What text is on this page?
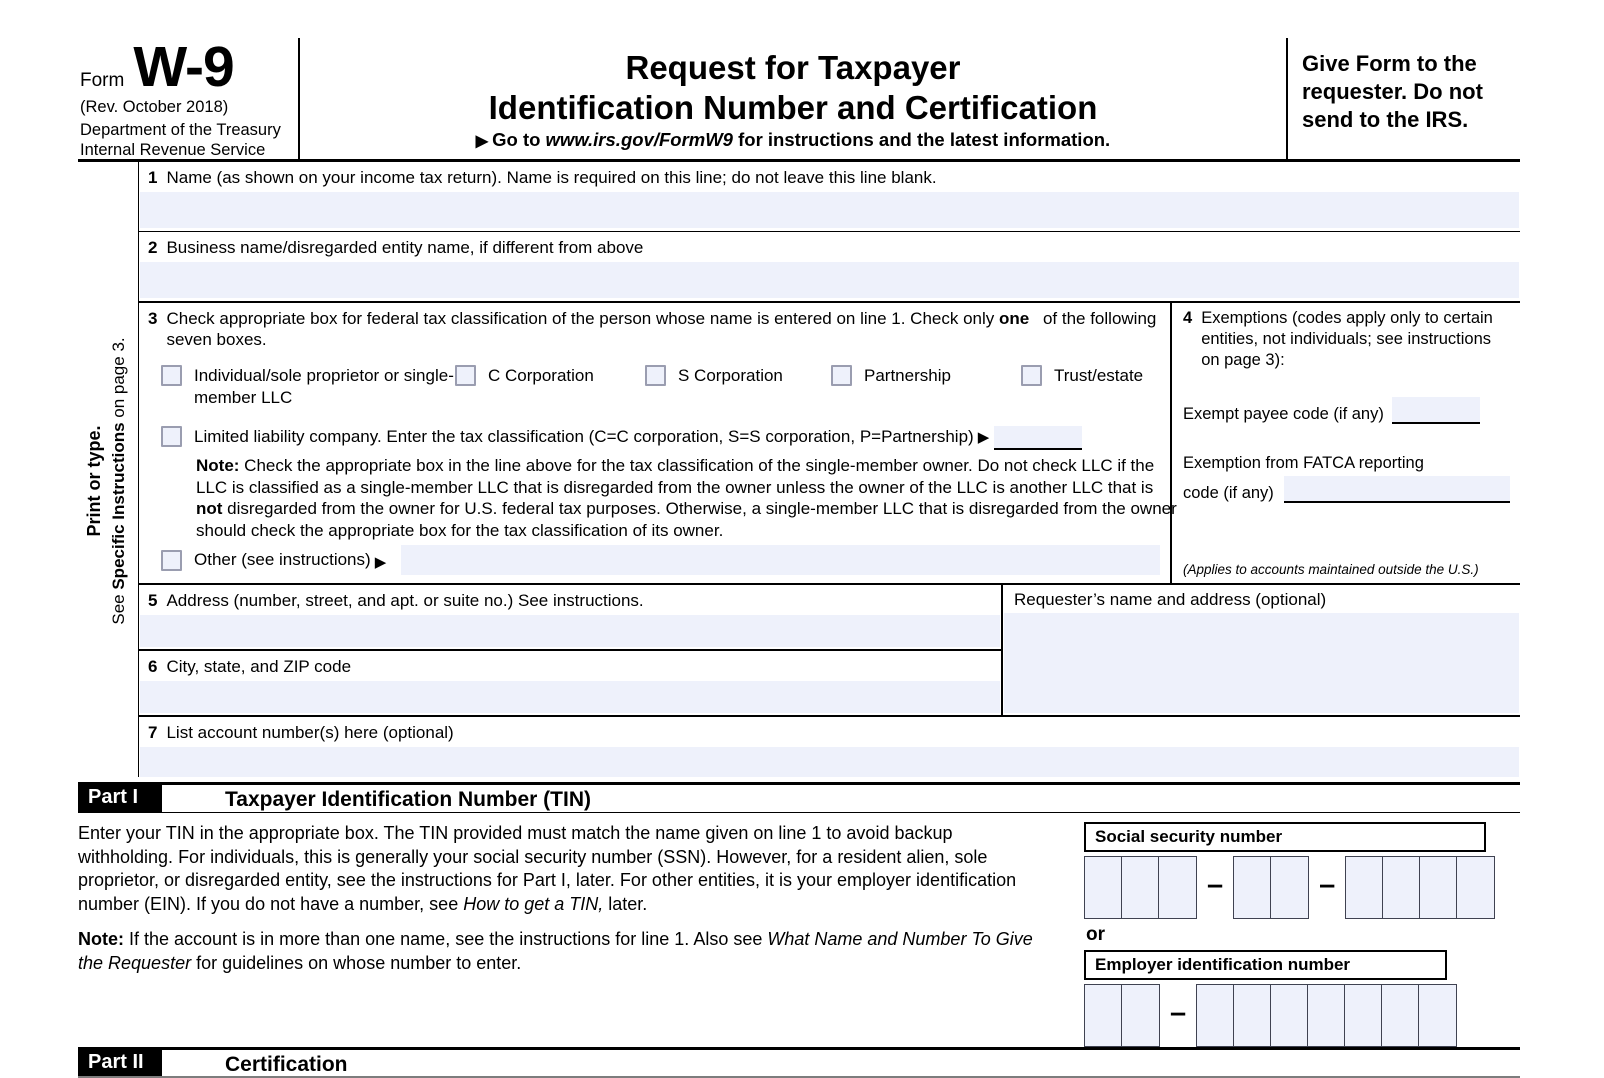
Form W-9
(Rev. October 2018)
Department of the Treasury
Internal Revenue Service
Request for Taxpayer
Identification Number and Certification
▶ Go to www.irs.gov/FormW9 for instructions and the latest information.
Give Form to the requester. Do not send to the IRS.
Print or type.
See Specific Instructions on page 3.
1 Name (as shown on your income tax return). Name is required on this line; do not leave this line blank.
2 Business name/disregarded entity name, if different from above
3 Check appropriate box for federal tax classification of the person whose name is entered on line 1. Check only one of the following seven boxes.
Individual/sole proprietor or single-member LLC
C Corporation	S Corporation	Partnership	Trust/estate
Limited liability company. Enter the tax classification (C=C corporation, S=S corporation, P=Partnership) ▶
Note: Check the appropriate box in the line above for the tax classification of the single-member owner. Do not check LLC if the LLC is classified as a single-member LLC that is disregarded from the owner unless the owner of the LLC is another LLC that is not disregarded from the owner for U.S. federal tax purposes. Otherwise, a single-member LLC that is disregarded from the owner should check the appropriate box for the tax classification of its owner.
Other (see instructions) ▶
4 Exemptions (codes apply only to certain entities, not individuals; see instructions on page 3):
Exempt payee code (if any)
Exemption from FATCA reporting
code (if any)
(Applies to accounts maintained outside the U.S.)
5 Address (number, street, and apt. or suite no.) See instructions.
6 City, state, and ZIP code
Requester’s name and address (optional)
7 List account number(s) here (optional)
Part I	Taxpayer Identification Number (TIN)

Enter your TIN in the appropriate box. The TIN provided must match the name given on line 1 to avoid backup withholding. For individuals, this is generally your social security number (SSN). However, for a resident alien, sole proprietor, or disregarded entity, see the instructions for Part I, later. For other entities, it is your employer identification number (EIN). If you do not have a number, see How to get a TIN, later.

Note: If the account is in more than one name, see the instructions for line 1. Also see What Name and Number To Give the Requester for guidelines on whose number to enter.

Social security number
–	–
or
Employer identification number
–
Part II	Certification
